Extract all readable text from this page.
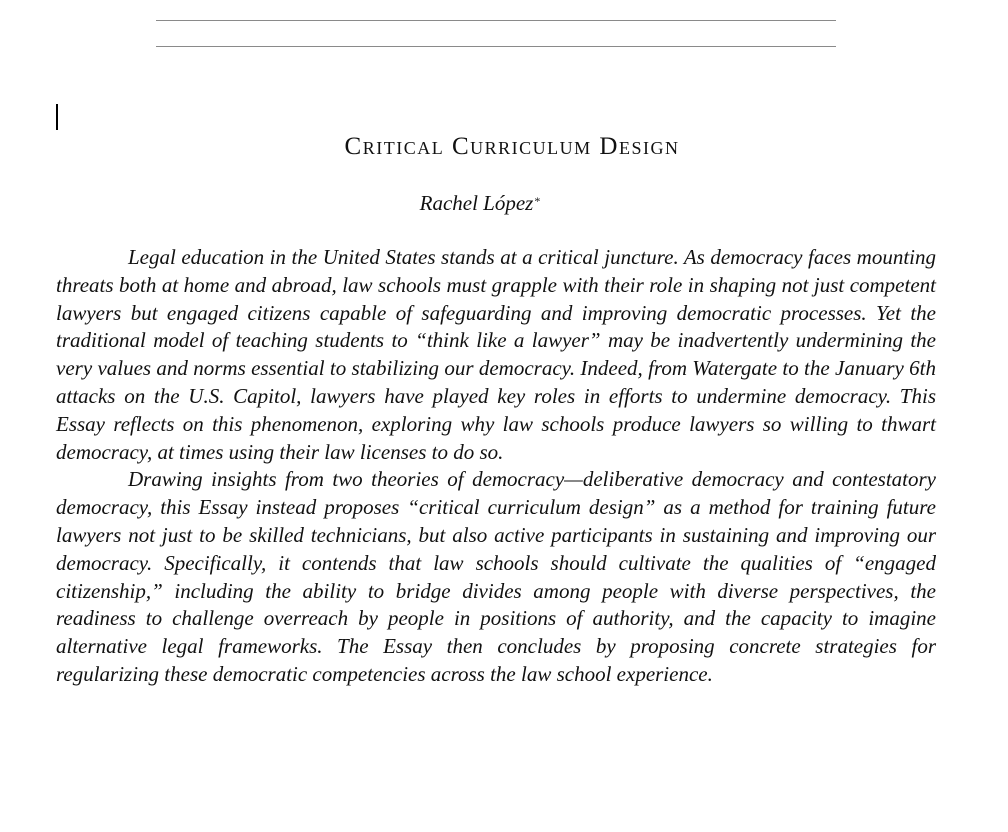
Critical Curriculum Design
Rachel López*

Legal education in the United States stands at a critical juncture. As democracy faces mounting threats both at home and abroad, law schools must grapple with their role in shaping not just competent lawyers but engaged citizens capable of safeguarding and improving democratic processes. Yet the traditional model of teaching students to “think like a lawyer” may be inadvertently undermining the very values and norms essential to stabilizing our democracy. Indeed, from Watergate to the January 6th attacks on the U.S. Capitol, lawyers have played key roles in efforts to undermine democracy. This Essay reflects on this phenomenon, exploring why law schools produce lawyers so willing to thwart democracy, at times using their law licenses to do so.

Drawing insights from two theories of democracy—deliberative democracy and contestatory democracy, this Essay instead proposes “critical curriculum design” as a method for training future lawyers not just to be skilled technicians, but also active participants in sustaining and improving our democracy. Specifically, it contends that law schools should cultivate the qualities of “engaged citizenship,” including the ability to bridge divides among people with diverse perspectives, the readiness to challenge overreach by people in positions of authority, and the capacity to imagine alternative legal frameworks. The Essay then concludes by proposing concrete strategies for regularizing these democratic competencies across the law school experience.
